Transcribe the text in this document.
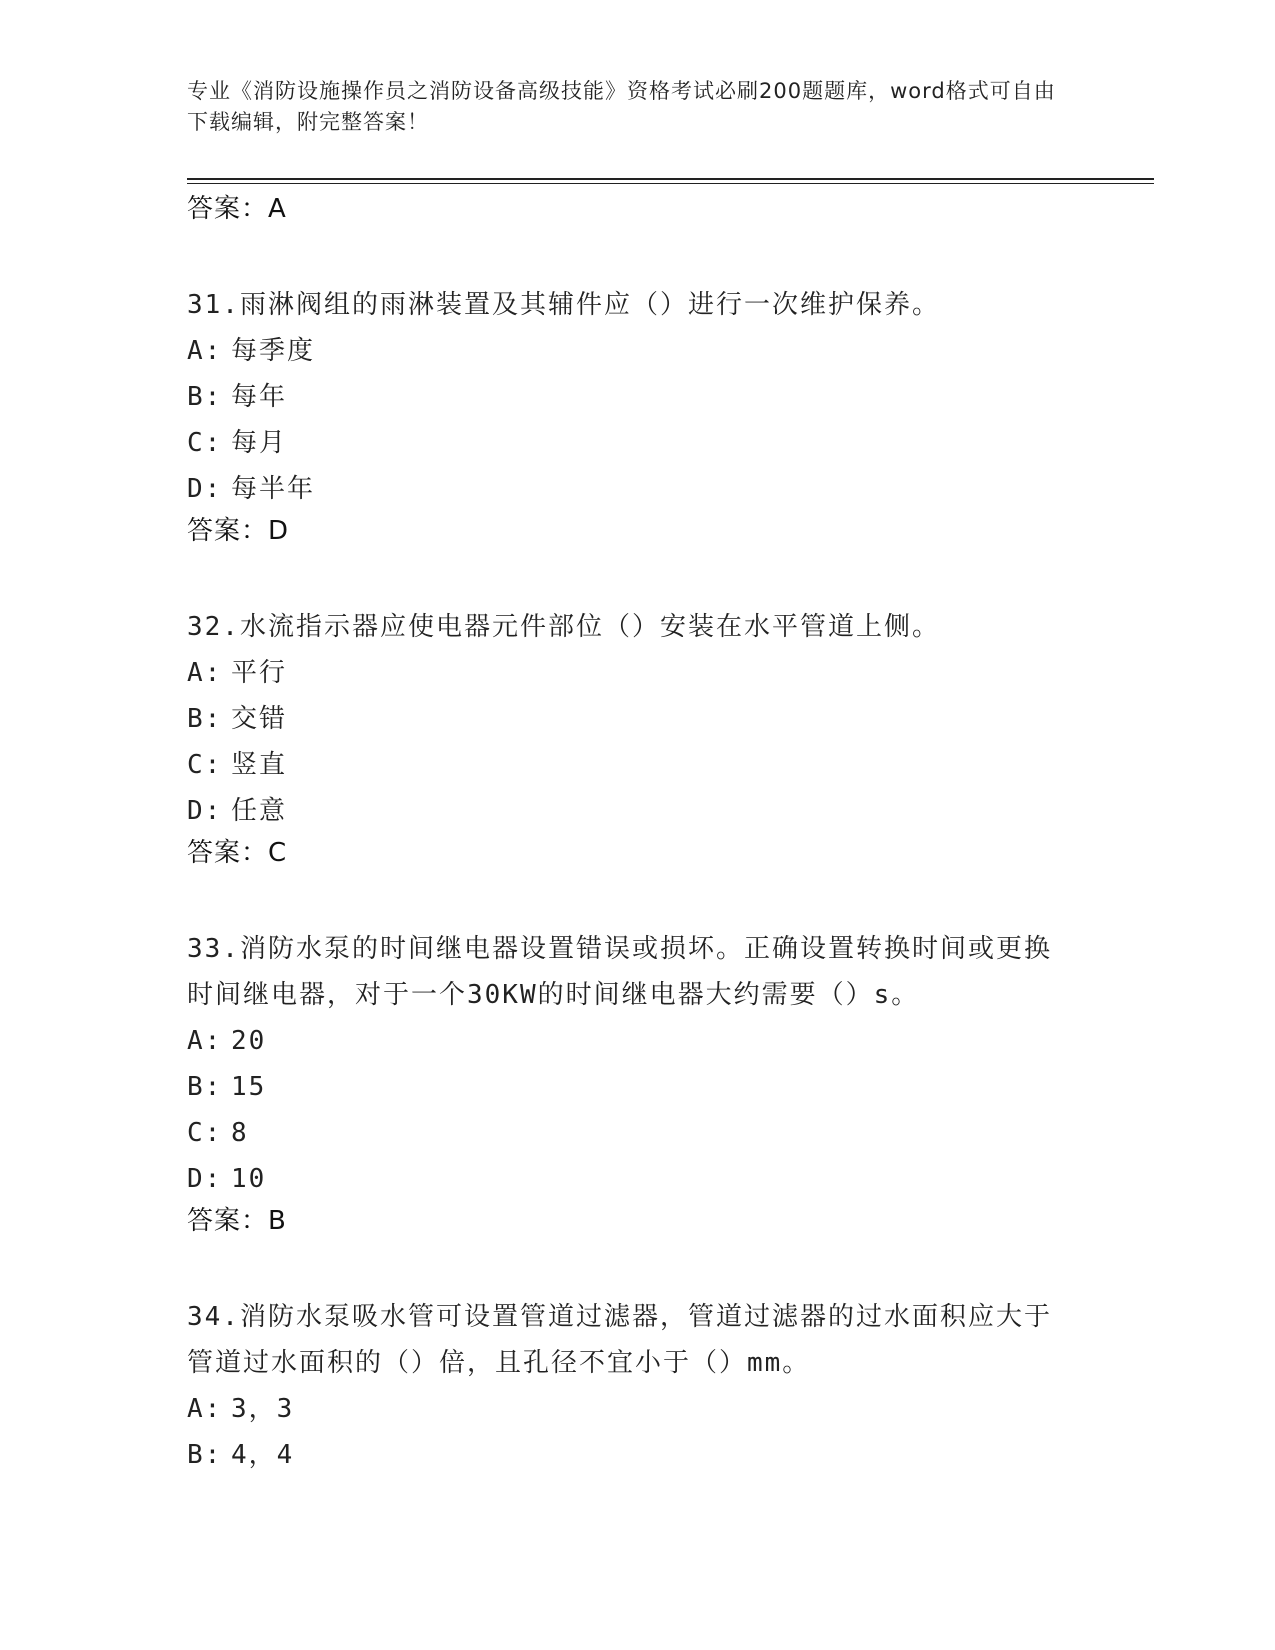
专业《消防设施操作员之消防设备高级技能》资格考试必刷200题题库，word格式可自由下载编辑，附完整答案！
答案：A
31.雨淋阀组的雨淋装置及其辅件应（）进行一次维护保养。
A: 每季度
B: 每年
C: 每月
D: 每半年
答案：D
32.水流指示器应使电器元件部位（）安装在水平管道上侧。
A: 平行
B: 交错
C: 竖直
D: 任意
答案：C
33.消防水泵的时间继电器设置错误或损坏。正确设置转换时间或更换时间继电器，对于一个30KW的时间继电器大约需要（）s。
A: 20
B: 15
C: 8
D: 10
答案：B
34.消防水泵吸水管可设置管道过滤器，管道过滤器的过水面积应大于管道过水面积的（）倍，且孔径不宜小于（）mm。
A: 3，3
B: 4，4
